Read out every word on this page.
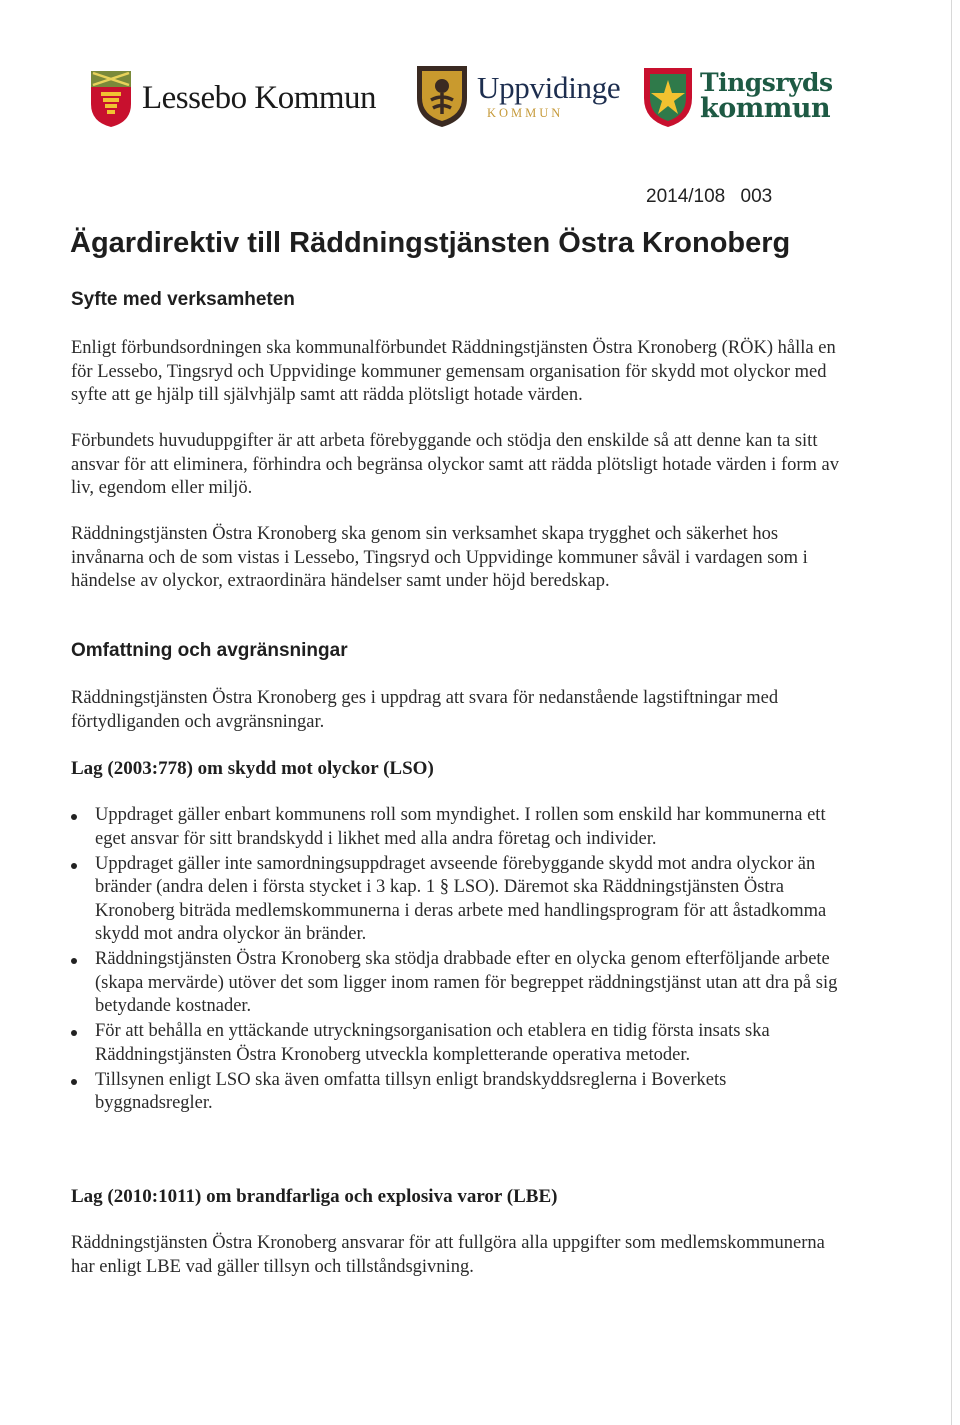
Lessebo Kommun	Uppvidinge
KOMMUN
Tingsryds
kommun
2014/108 003
Ägardirektiv till Räddningstjänsten Östra Kronoberg
Syfte med verksamheten

Enligt förbundsordningen ska kommunalförbundet Räddningstjänsten Östra Kronoberg (RÖK) hålla en för Lessebo, Tingsryd och Uppvidinge kommuner gemensam organisation för skydd mot olyckor med syfte att ge hjälp till självhjälp samt att rädda plötsligt hotade värden.

Förbundets huvuduppgifter är att arbeta förebyggande och stödja den enskilde så att denne kan ta sitt ansvar för att eliminera, förhindra och begränsa olyckor samt att rädda plötsligt hotade värden i form av liv, egendom eller miljö.

Räddningstjänsten Östra Kronoberg ska genom sin verksamhet skapa trygghet och säkerhet hos invånarna och de som vistas i Lessebo, Tingsryd och Uppvidinge kommuner såväl i vardagen som i händelse av olyckor, extraordinära händelser samt under höjd beredskap.

Omfattning och avgränsningar

Räddningstjänsten Östra Kronoberg ges i uppdrag att svara för nedanstående lagstiftningar med förtydliganden och avgränsningar.

Lag (2003:778) om skydd mot olyckor (LSO)
Uppdraget gäller enbart kommunens roll som myndighet. I rollen som enskild har kommunerna ett eget ansvar för sitt brandskydd i likhet med alla andra företag och individer.
Uppdraget gäller inte samordningsuppdraget avseende förebyggande skydd mot andra olyckor än bränder (andra delen i första stycket i 3 kap. 1 § LSO). Däremot ska Räddningstjänsten Östra Kronoberg biträda medlemskommunerna i deras arbete med handlingsprogram för att åstadkomma skydd mot andra olyckor än bränder.
Räddningstjänsten Östra Kronoberg ska stödja drabbade efter en olycka genom efterföljande arbete (skapa mervärde) utöver det som ligger inom ramen för begreppet räddningstjänst utan att dra på sig betydande kostnader.
För att behålla en yttäckande utryckningsorganisation och etablera en tidig första insats ska Räddningstjänsten Östra Kronoberg utveckla kompletterande operativa metoder.
Tillsynen enligt LSO ska även omfatta tillsyn enligt brandskyddsreglerna i Boverkets byggnadsregler.
Lag (2010:1011) om brandfarliga och explosiva varor (LBE)

Räddningstjänsten Östra Kronoberg ansvarar för att fullgöra alla uppgifter som medlemskommunerna har enligt LBE vad gäller tillsyn och tillståndsgivning.
